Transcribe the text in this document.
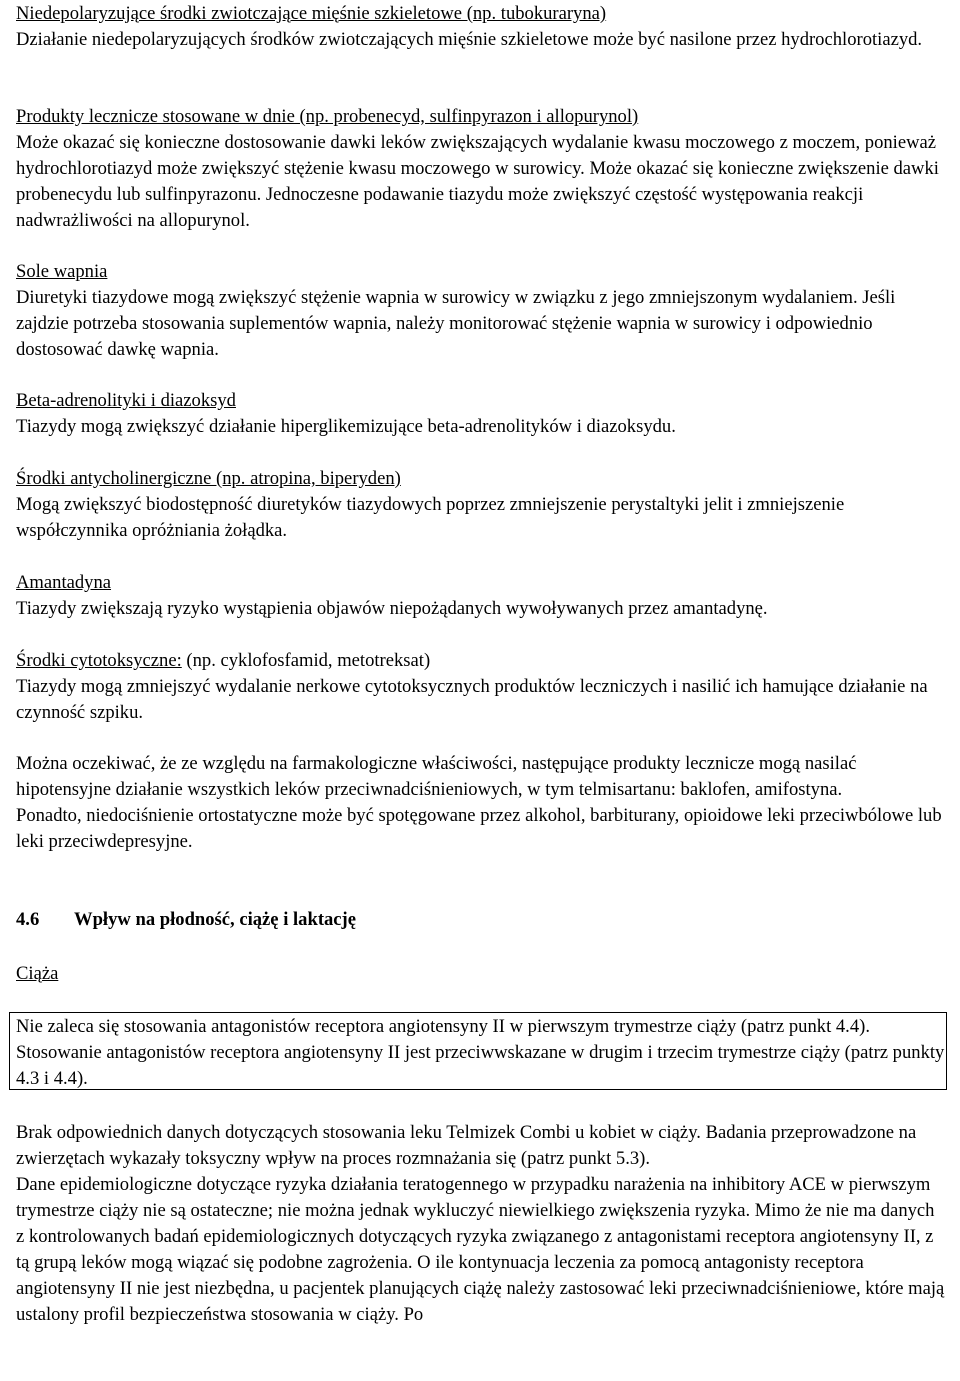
Niedepolaryzujące środki zwiotczające mięśnie szkieletowe (np. tubokuraryna)

Działanie niedepolaryzujących środków zwiotczających mięśnie szkieletowe może być nasilone przez hydrochlorotiazyd.

Produkty lecznicze stosowane w dnie (np. probenecyd, sulfinpyrazon i allopurynol)

Może okazać się konieczne dostosowanie dawki leków zwiększających wydalanie kwasu moczowego z moczem, ponieważ hydrochlorotiazyd może zwiększyć stężenie kwasu moczowego w surowicy. Może okazać się konieczne zwiększenie dawki probenecydu lub sulfinpyrazonu. Jednoczesne podawanie tiazydu może zwiększyć częstość występowania reakcji nadwrażliwości na allopurynol.

Sole wapnia

Diuretyki tiazydowe mogą zwiększyć stężenie wapnia w surowicy w związku z jego zmniejszonym wydalaniem. Jeśli zajdzie potrzeba stosowania suplementów wapnia, należy monitorować stężenie wapnia w surowicy i odpowiednio dostosować dawkę wapnia.

Beta-adrenolityki i diazoksyd

Tiazydy mogą zwiększyć działanie hiperglikemizujące beta-adrenolityków i diazoksydu.

Środki antycholinergiczne (np. atropina, biperyden)

Mogą zwiększyć biodostępność diuretyków tiazydowych poprzez zmniejszenie perystaltyki jelit i zmniejszenie współczynnika opróżniania żołądka.

Amantadyna

Tiazydy zwiększają ryzyko wystąpienia objawów niepożądanych wywoływanych przez amantadynę.

Środki cytotoksyczne: (np. cyklofosfamid, metotreksat)

Tiazydy mogą zmniejszyć wydalanie nerkowe cytotoksycznych produktów leczniczych i nasilić ich hamujące działanie na czynność szpiku.

Można oczekiwać, że ze względu na farmakologiczne właściwości, następujące produkty lecznicze mogą nasilać hipotensyjne działanie wszystkich leków przeciwnadciśnieniowych, w tym telmisartanu: baklofen, amifostyna.

Ponadto, niedociśnienie ortostatyczne może być spotęgowane przez alkohol, barbiturany, opioidowe leki przeciwbólowe lub leki przeciwdepresyjne.

4.6 Wpływ na płodność, ciążę i laktację

Ciąża

Nie zaleca się stosowania antagonistów receptora angiotensyny II w pierwszym trymestrze ciąży (patrz punkt 4.4). Stosowanie antagonistów receptora angiotensyny II jest przeciwwskazane w drugim i trzecim trymestrze ciąży (patrz punkty 4.3 i 4.4).

Brak odpowiednich danych dotyczących stosowania leku Telmizek Combi u kobiet w ciąży. Badania przeprowadzone na zwierzętach wykazały toksyczny wpływ na proces rozmnażania się (patrz punkt 5.3).

Dane epidemiologiczne dotyczące ryzyka działania teratogennego w przypadku narażenia na inhibitory ACE w pierwszym trymestrze ciąży nie są ostateczne; nie można jednak wykluczyć niewielkiego zwiększenia ryzyka. Mimo że nie ma danych z kontrolowanych badań epidemiologicznych dotyczących ryzyka związanego z antagonistami receptora angiotensyny II, z tą grupą leków mogą wiązać się podobne zagrożenia. O ile kontynuacja leczenia za pomocą antagonisty receptora angiotensyny II nie jest niezbędna, u pacjentek planujących ciążę należy zastosować leki przeciwnadciśnieniowe, które mają ustalony profil bezpieczeństwa stosowania w ciąży. Po
